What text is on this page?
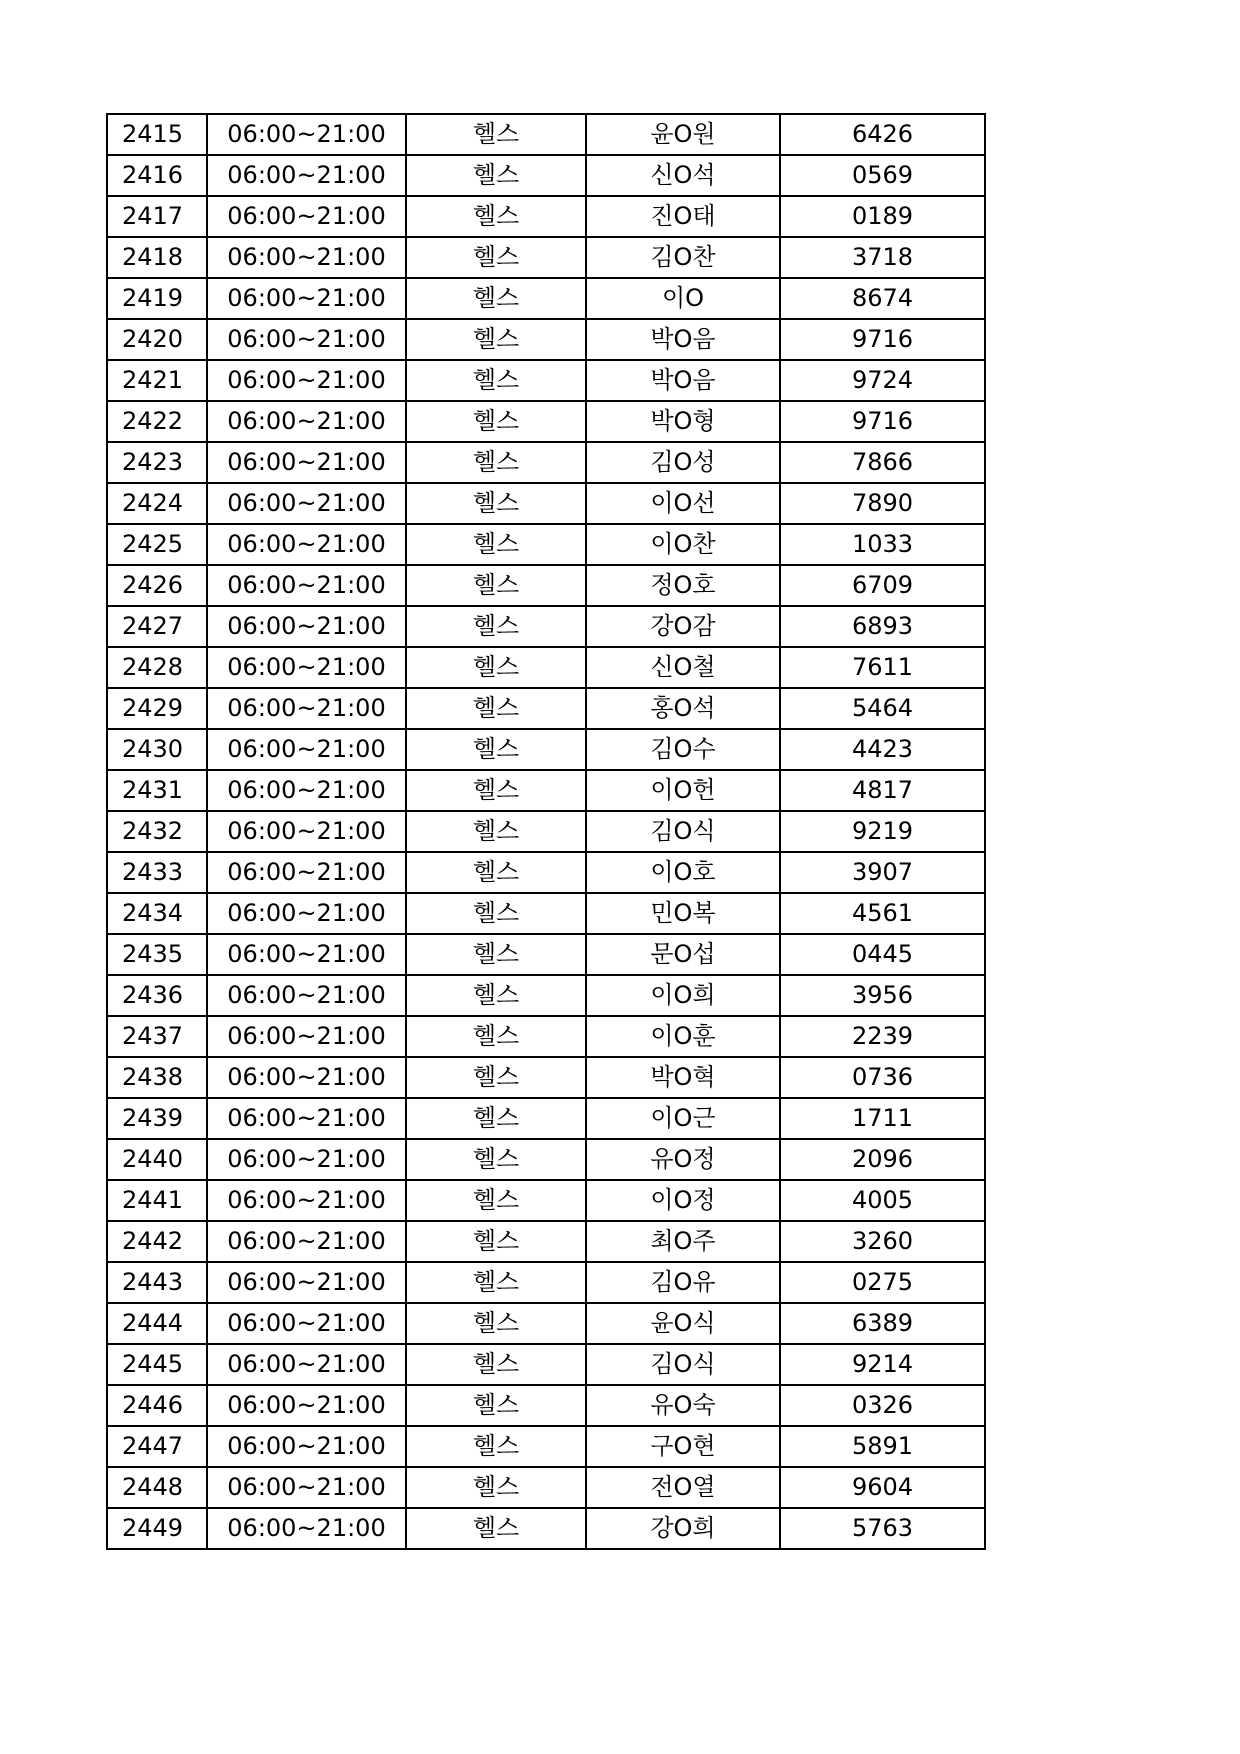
2415	06:00~21:00	헬스	윤O원	6426
2416	06:00~21:00	헬스	신O석	0569
2417	06:00~21:00	헬스	진O태	0189
2418	06:00~21:00	헬스	김O찬	3718
2419	06:00~21:00	헬스	이O	8674
2420	06:00~21:00	헬스	박O음	9716
2421	06:00~21:00	헬스	박O음	9724
2422	06:00~21:00	헬스	박O형	9716
2423	06:00~21:00	헬스	김O성	7866
2424	06:00~21:00	헬스	이O선	7890
2425	06:00~21:00	헬스	이O찬	1033
2426	06:00~21:00	헬스	정O호	6709
2427	06:00~21:00	헬스	강O감	6893
2428	06:00~21:00	헬스	신O철	7611
2429	06:00~21:00	헬스	홍O석	5464
2430	06:00~21:00	헬스	김O수	4423
2431	06:00~21:00	헬스	이O헌	4817
2432	06:00~21:00	헬스	김O식	9219
2433	06:00~21:00	헬스	이O호	3907
2434	06:00~21:00	헬스	민O복	4561
2435	06:00~21:00	헬스	문O섭	0445
2436	06:00~21:00	헬스	이O희	3956
2437	06:00~21:00	헬스	이O훈	2239
2438	06:00~21:00	헬스	박O혁	0736
2439	06:00~21:00	헬스	이O근	1711
2440	06:00~21:00	헬스	유O정	2096
2441	06:00~21:00	헬스	이O정	4005
2442	06:00~21:00	헬스	최O주	3260
2443	06:00~21:00	헬스	김O유	0275
2444	06:00~21:00	헬스	윤O식	6389
2445	06:00~21:00	헬스	김O식	9214
2446	06:00~21:00	헬스	유O숙	0326
2447	06:00~21:00	헬스	구O현	5891
2448	06:00~21:00	헬스	전O열	9604
2449	06:00~21:00	헬스	강O희	5763
